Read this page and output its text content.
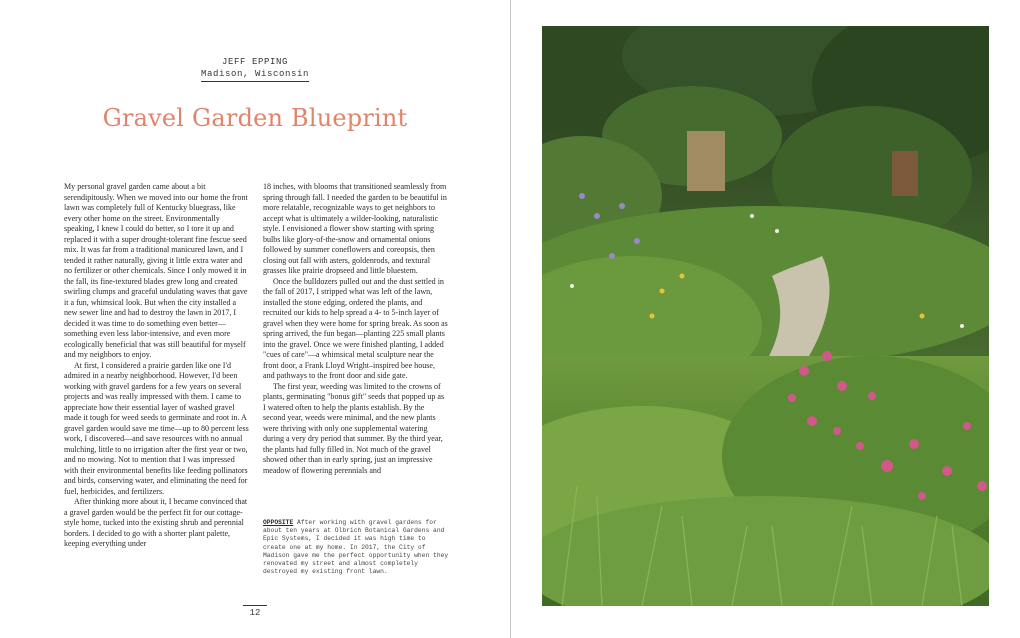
JEFF EPPING
Madison, Wisconsin
Gravel Garden Blueprint

My personal gravel garden came about a bit serendipitously. When we moved into our home the front lawn was completely full of Kentucky bluegrass, like every other home on the street. Environmentally speaking, I knew I could do better, so I tore it up and replaced it with a super drought-tolerant fine fescue seed mix. It was far from a traditional manicured lawn, and I tended it rather naturally, giving it little extra water and no fertilizer or other chemicals. Since I only mowed it in the fall, its fine-textured blades grew long and created swirling clumps and graceful undulating waves that gave it a fun, whimsical look. But when the city installed a new sewer line and had to destroy the lawn in 2017, I decided it was time to do something even better—something even less labor-intensive, and even more ecologically beneficial that was still beautiful for myself and my neighbors to enjoy.

At first, I considered a prairie garden like one I'd admired in a nearby neighborhood. However, I'd been working with gravel gardens for a few years on several projects and was really impressed with them. I came to appreciate how their essential layer of washed gravel made it tough for weed seeds to germinate and root in. A gravel garden would save me time—up to 80 percent less work, I discovered—and save resources with no annual mulching, little to no irrigation after the first year or two, and no mowing. Not to mention that I was impressed with their environmental benefits like feeding pollinators and birds, conserving water, and eliminating the need for fuel, herbicides, and fertilizers.

After thinking more about it, I became convinced that a gravel garden would be the perfect fit for our cottage-style home, tucked into the existing shrub and perennial borders. I decided to go with a shorter plant palette, keeping everything under

18 inches, with blooms that transitioned seamlessly from spring through fall. I needed the garden to be beautiful in more relatable, recognizable ways to get neighbors to accept what is ultimately a wilder-looking, naturalistic style. I envisioned a flower show starting with spring bulbs like glory-of-the-snow and ornamental onions followed by summer coneflowers and coreopsis, then closing out fall with asters, goldenrods, and textural grasses like prairie dropseed and little bluestem.

Once the bulldozers pulled out and the dust settled in the fall of 2017, I stripped what was left of the lawn, installed the stone edging, ordered the plants, and recruited our kids to help spread a 4- to 5-inch layer of gravel when they were home for spring break. As soon as spring arrived, the fun began—planting 225 small plants into the gravel. Once we were finished planting, I added "cues of care"—a whimsical metal sculpture near the front door, a Frank Lloyd Wright–inspired bee house, and pathways to the front door and side gate.

The first year, weeding was limited to the crowns of plants, germinating "bonus gift" seeds that popped up as I watered often to help the plants establish. By the second year, weeds were minimal, and the new plants were thriving with only one supplemental watering during a very dry period that summer. By the third year, the plants had fully filled in. Not much of the gravel showed other than in early spring, just an impressive meadow of flowering perennials and

OPPOSITE After working with gravel gardens for about ten years at Olbrich Botanical Gardens and Epic Systems, I decided it was high time to create one at my home. In 2017, the City of Madison gave me the perfect opportunity when they renovated my street and almost completely destroyed my existing front lawn.
12
